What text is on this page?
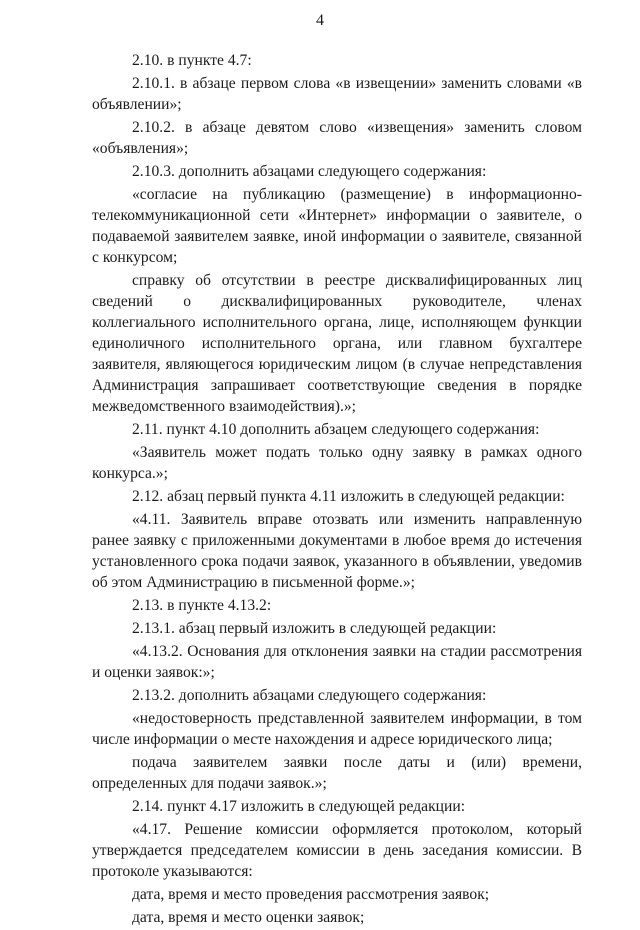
4

2.10. в пункте 4.7:

2.10.1. в абзаце первом слова «в извещении» заменить словами «в объявлении»;

2.10.2. в абзаце девятом слово «извещения» заменить словом «объявления»;

2.10.3. дополнить абзацами следующего содержания:

«согласие на публикацию (размещение) в информационно-телекоммуникационной сети «Интернет» информации о заявителе, о подаваемой заявителем заявке, иной информации о заявителе, связанной с конкурсом;

справку об отсутствии в реестре дисквалифицированных лиц сведений о дисквалифицированных руководителе, членах коллегиального исполнительного органа, лице, исполняющем функции единоличного исполнительного органа, или главном бухгалтере заявителя, являющегося юридическим лицом (в случае непредставления Администрация запрашивает соответствующие сведения в порядке межведомственного взаимодействия).»;

2.11. пункт 4.10 дополнить абзацем следующего содержания:

«Заявитель может подать только одну заявку в рамках одного конкурса.»;

2.12. абзац первый пункта 4.11 изложить в следующей редакции:

«4.11. Заявитель вправе отозвать или изменить направленную ранее заявку с приложенными документами в любое время до истечения установленного срока подачи заявок, указанного в объявлении, уведомив об этом Администрацию в письменной форме.»;

2.13. в пункте 4.13.2:

2.13.1. абзац первый изложить в следующей редакции:

«4.13.2. Основания для отклонения заявки на стадии рассмотрения и оценки заявок:»;

2.13.2. дополнить абзацами следующего содержания:

«недостоверность представленной заявителем информации, в том числе информации о месте нахождения и адресе юридического лица;

подача заявителем заявки после даты и (или) времени, определенных для подачи заявок.»;

2.14. пункт 4.17 изложить в следующей редакции:

«4.17. Решение комиссии оформляется протоколом, который утверждается председателем комиссии в день заседания комиссии. В протоколе указываются:

дата, время и место проведения рассмотрения заявок;

дата, время и место оценки заявок;
